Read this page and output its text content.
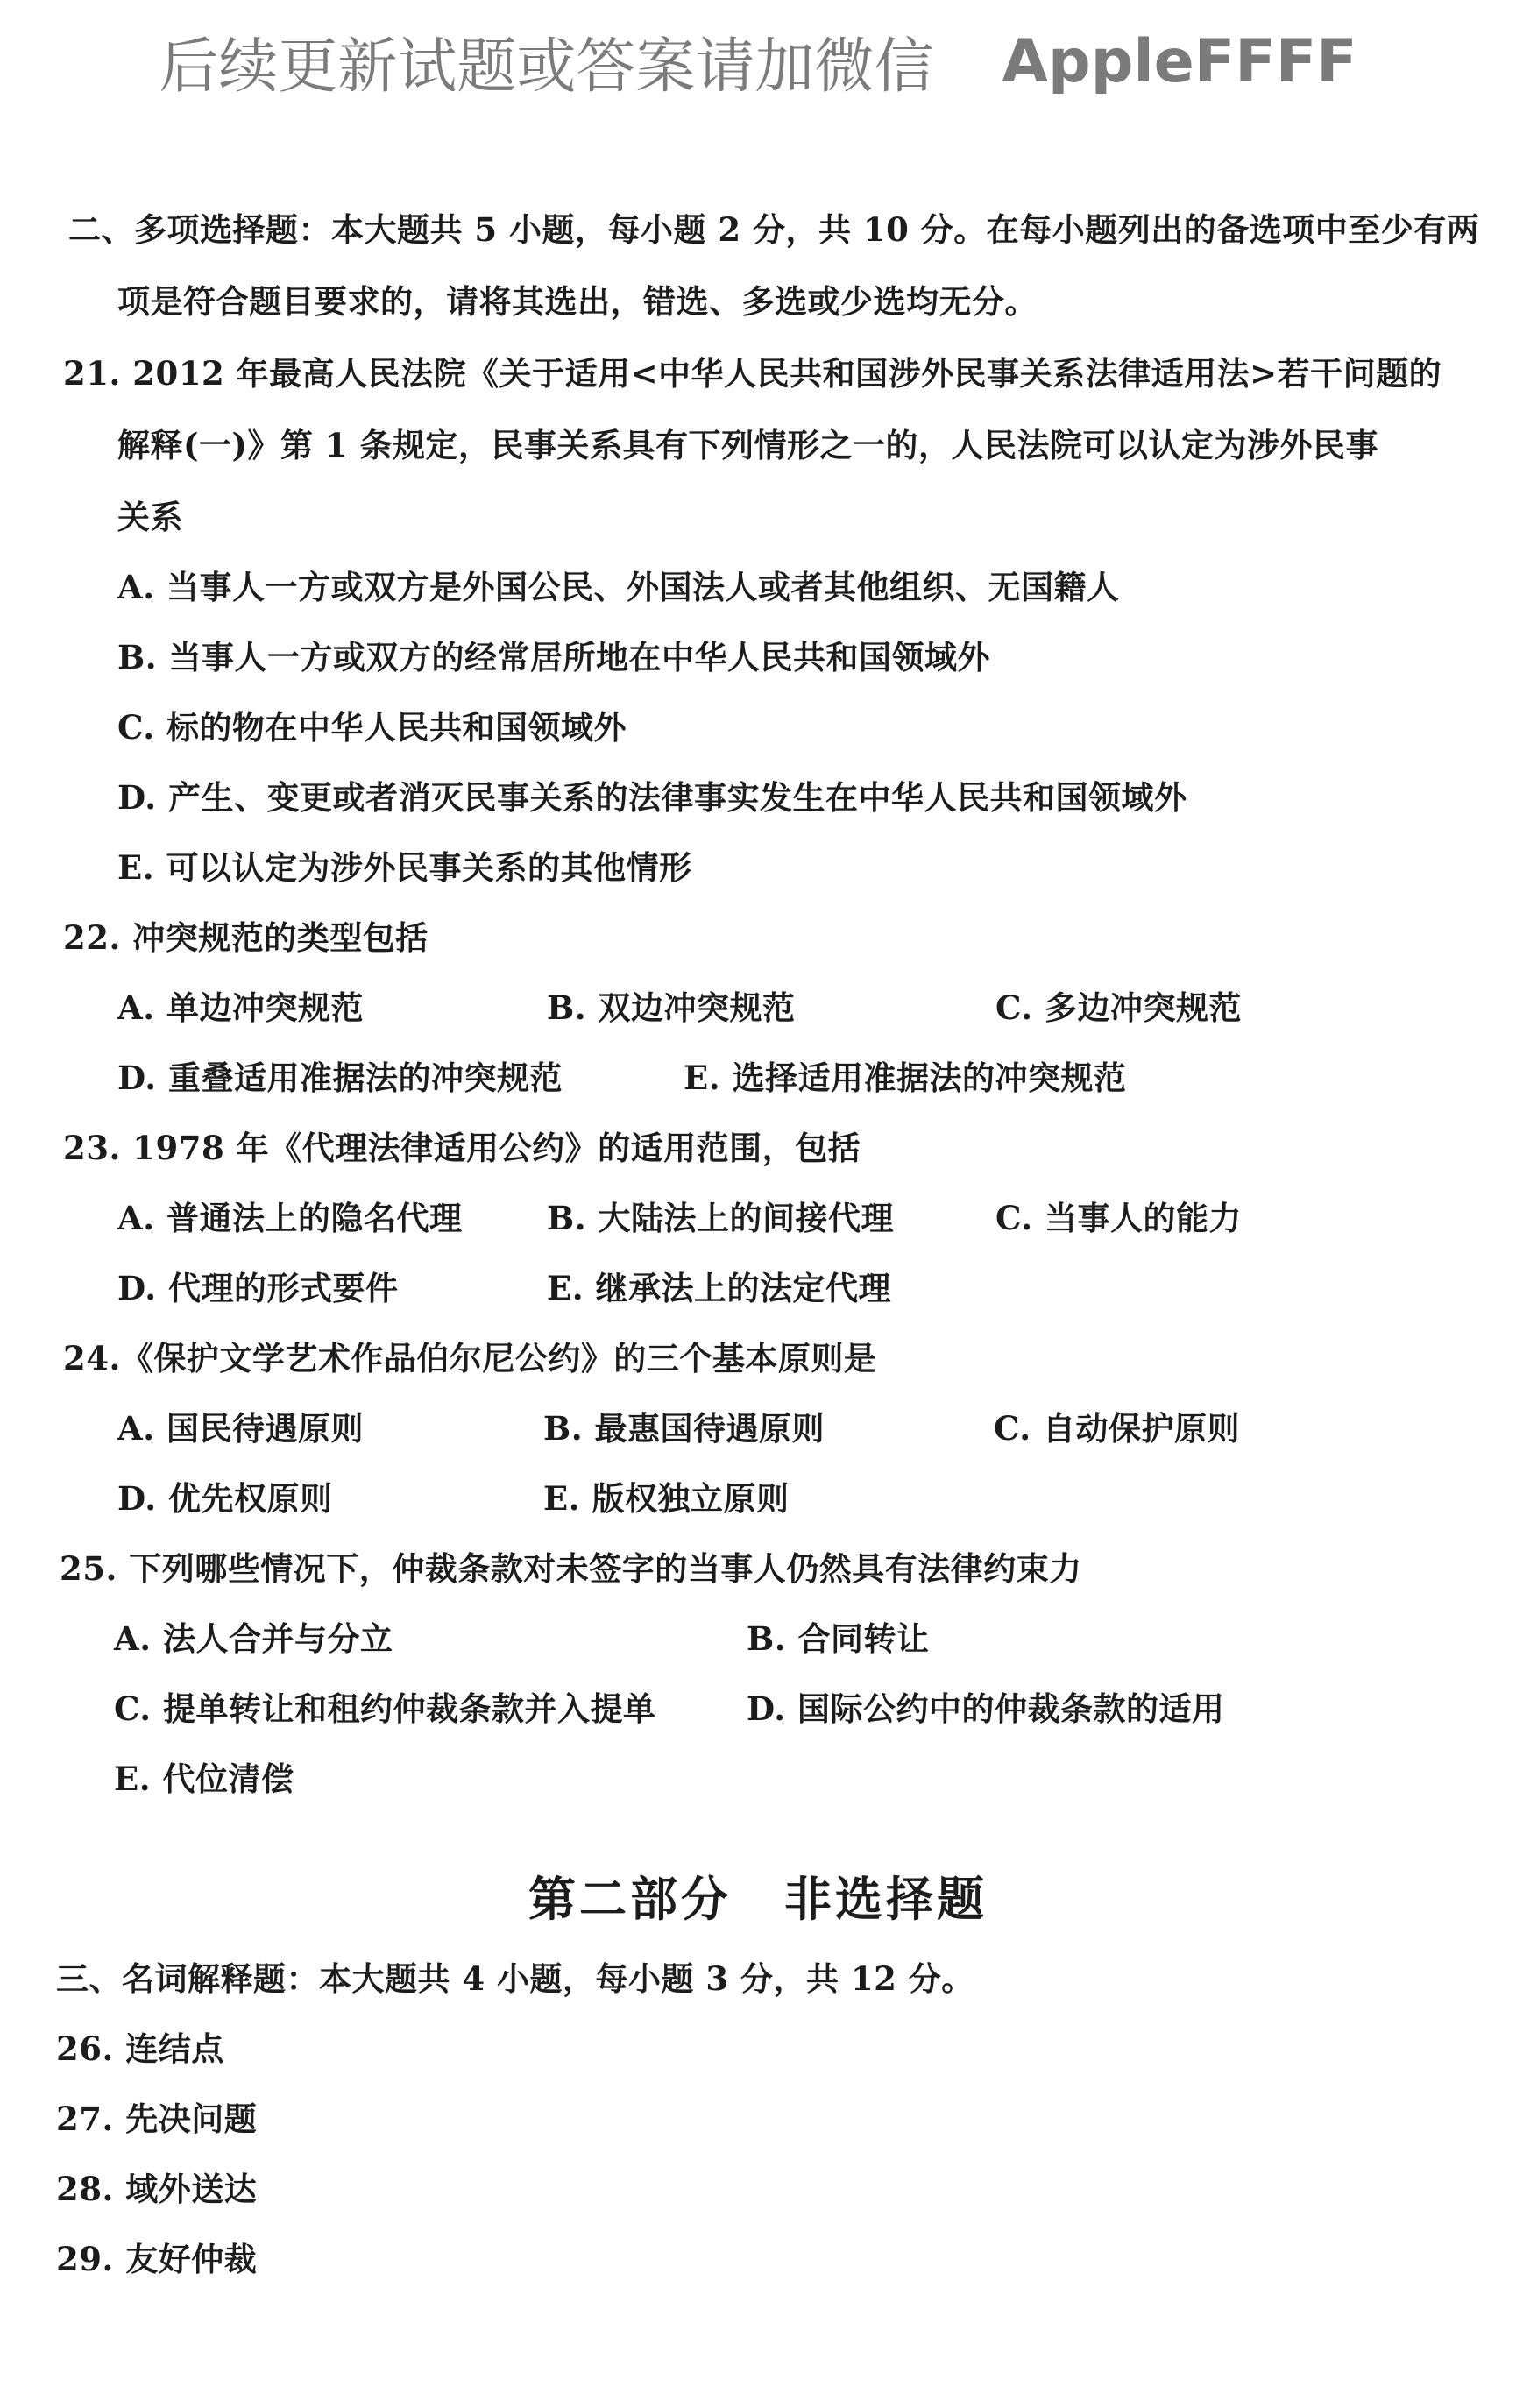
后续更新试题或答案请加微信 AppleFFFF
二、多项选择题：本大题共 5 小题，每小题 2 分，共 10 分。在每小题列出的备选项中至少有两
项是符合题目要求的，请将其选出，错选、多选或少选均无分。
21. 2012 年最高人民法院《关于适用<中华人民共和国涉外民事关系法律适用法>若干问题的
解释(一)》第 1 条规定，民事关系具有下列情形之一的，人民法院可以认定为涉外民事
关系
A. 当事人一方或双方是外国公民、外国法人或者其他组织、无国籍人
B. 当事人一方或双方的经常居所地在中华人民共和国领域外
C. 标的物在中华人民共和国领域外
D. 产生、变更或者消灭民事关系的法律事实发生在中华人民共和国领域外
E. 可以认定为涉外民事关系的其他情形
22. 冲突规范的类型包括
A. 单边冲突规范	B. 双边冲突规范	C. 多边冲突规范
D. 重叠适用准据法的冲突规范	E. 选择适用准据法的冲突规范
23. 1978 年《代理法律适用公约》的适用范围，包括
A. 普通法上的隐名代理	B. 大陆法上的间接代理	C. 当事人的能力
D. 代理的形式要件	E. 继承法上的法定代理
24.《保护文学艺术作品伯尔尼公约》的三个基本原则是
A. 国民待遇原则	B. 最惠国待遇原则	C. 自动保护原则
D. 优先权原则	E. 版权独立原则
25. 下列哪些情况下，仲裁条款对未签字的当事人仍然具有法律约束力
A. 法人合并与分立	B. 合同转让
C. 提单转让和租约仲裁条款并入提单	D. 国际公约中的仲裁条款的适用
E. 代位清偿
第二部分 非选择题
三、名词解释题：本大题共 4 小题，每小题 3 分，共 12 分。
26. 连结点
27. 先决问题
28. 域外送达
29. 友好仲裁
